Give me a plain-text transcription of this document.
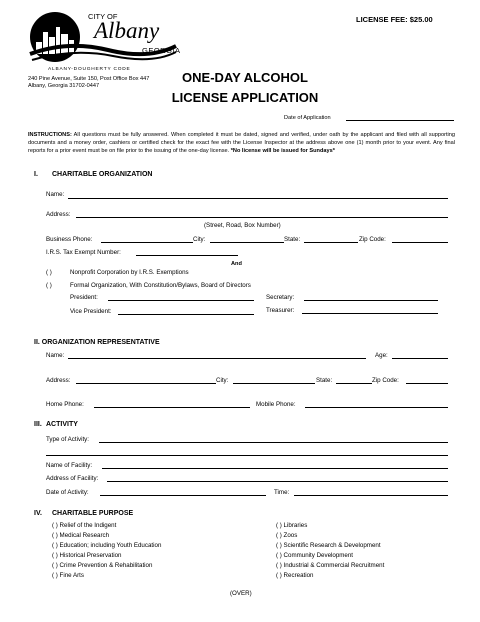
CITY OF
Albany
GEORGIA
ALBANY-DOUGHERTY CODE
240 Pine Avenue, Suite 150, Post Office Box 447
Albany, Georgia 31702-0447
LICENSE FEE: $25.00
ONE-DAY ALCOHOL
LICENSE APPLICATION
Date of Application
INSTRUCTIONS: All questions must be fully answered. When completed it must be dated, signed and verified, under oath by the applicant and filed with all supporting documents and a money order, cashiers or certified check for the exact fee with the License Inspector at the address above one (1) month prior to your event. Any final reports for a prior event must be on file prior to the issuing of the one-day license. *No license will be issued for Sundays*
I. CHARITABLE ORGANIZATION
Name:
Address:
(Street, Road, Box Number)
Business Phone:	City:	State:	Zip Code:
I.R.S. Tax Exempt Number:
And
( )	Nonprofit Corporation by I.R.S. Exemptions
( )	Formal Organization, With Constitution/Bylaws, Board of Directors
President:	Secretary:
Vice President:	Treasurer:
II. ORGANIZATION REPRESENTATIVE
Name:	Age:
Address:	City:	State:	Zip Code:
Home Phone:	Mobile Phone:
III. ACTIVITY
Type of Activity:
Name of Facility:
Address of Facility:
Date of Activity:	Time:
IV. CHARITABLE PURPOSE
( ) Relief of the Indigent
( ) Medical Research
( ) Education; including Youth Education
( ) Historical Preservation
( ) Crime Prevention & Rehabilitation
( ) Fine Arts
( ) Libraries
( ) Zoos
( ) Scientific Research & Development
( ) Community Development
( ) Industrial & Commercial Recruitment
( ) Recreation
(OVER)
